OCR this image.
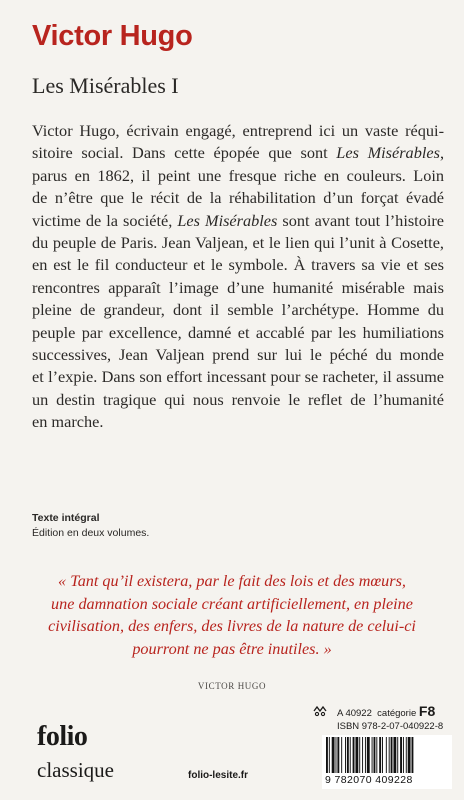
Victor Hugo
Les Misérables I
Victor Hugo, écrivain engagé, entreprend ici un vaste réqui-
sitoire social. Dans cette épopée que sont Les Misérables,
parus en 1862, il peint une fresque riche en couleurs. Loin
de n’être que le récit de la réhabilitation d’un forçat évadé
victime de la société, Les Misérables sont avant tout l’histoire
du peuple de Paris. Jean Valjean, et le lien qui l’unit à Cosette,
en est le fil conducteur et le symbole. À travers sa vie et ses
rencontres apparaît l’image d’une humanité misérable mais
pleine de grandeur, dont il semble l’archétype. Homme du
peuple par excellence, damné et accablé par les humiliations
successives, Jean Valjean prend sur lui le péché du monde
et l’expie. Dans son effort incessant pour se racheter, il assume
un destin tragique qui nous renvoie le reflet de l’humanité
en marche.
Texte intégral
Édition en deux volumes.
« Tant qu’il existera, par le fait des lois et des mœurs,
une damnation sociale créant artificiellement, en pleine
civilisation, des enfers, des livres de la nature de celui-ci
pourront ne pas être inutiles. »
VICTOR HUGO
folio
classique	folio-lesite.fr
A 40922 catégorie F8
ISBN 978-2-07-040922-8
9 782070 409228
